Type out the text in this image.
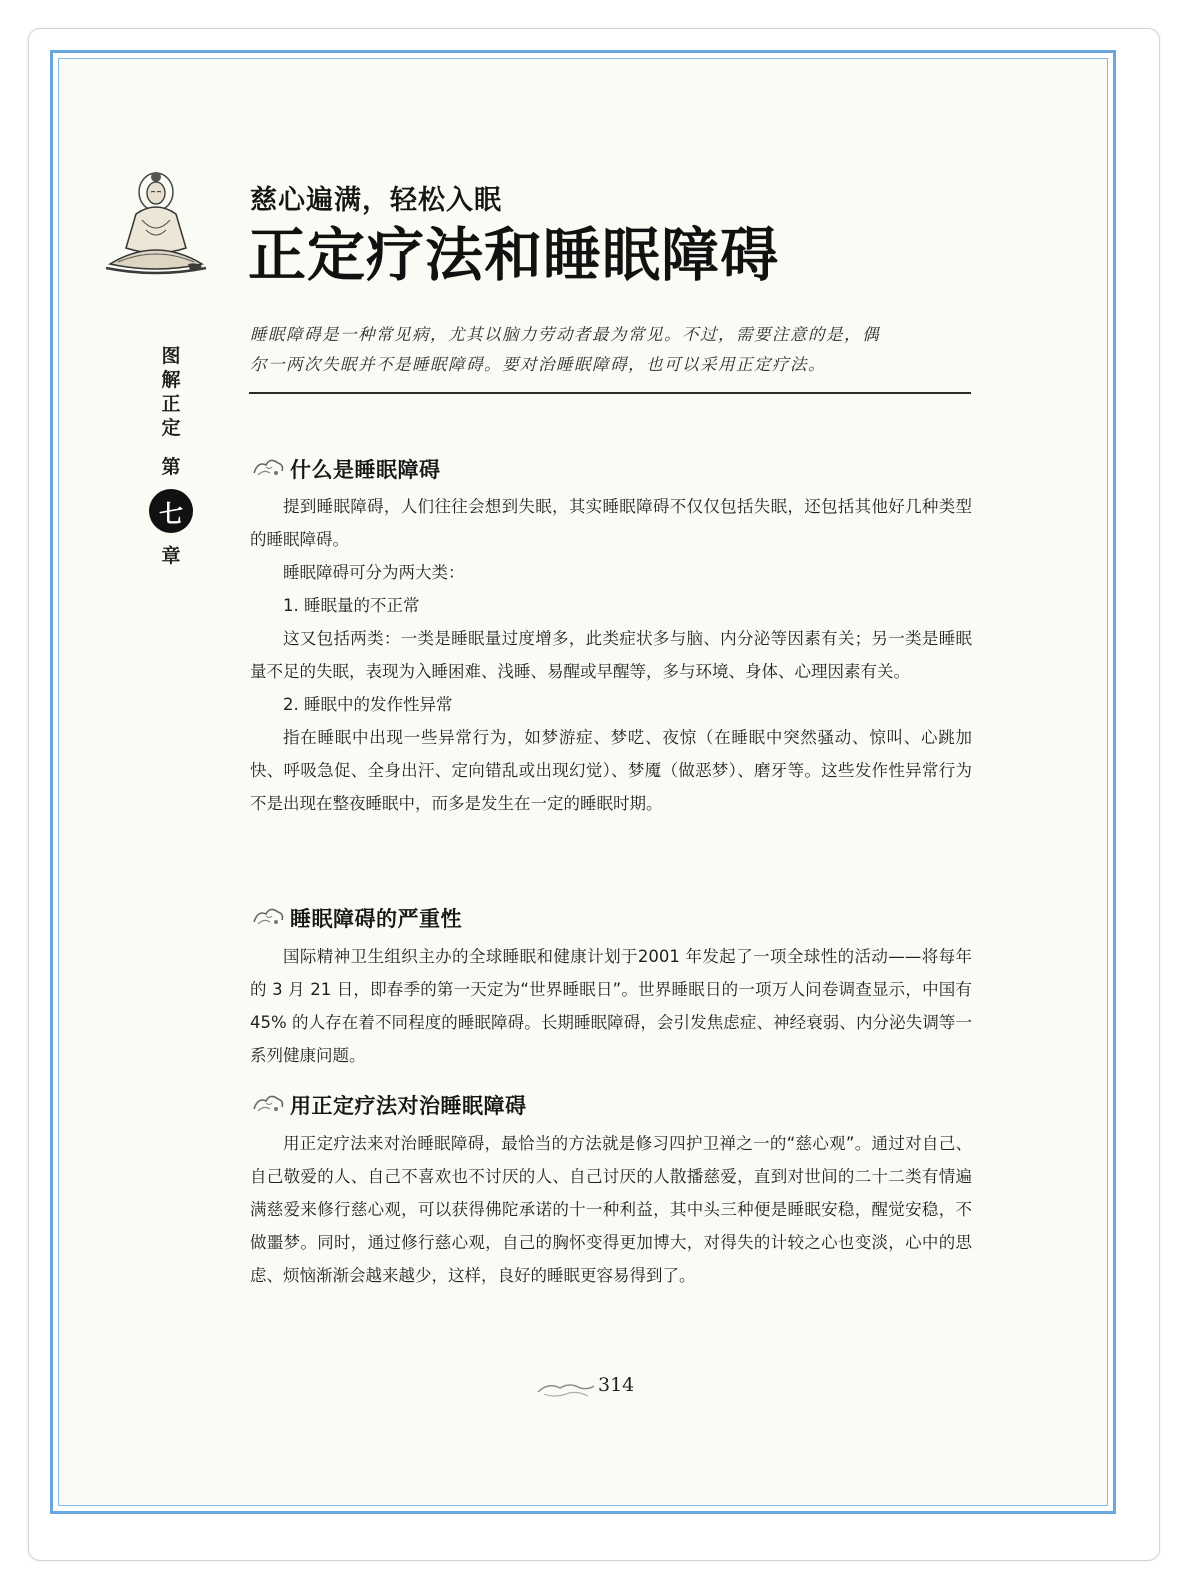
慈心遍满，轻松入眠
正定疗法和睡眠障碍
睡眠障碍是一种常见病，尤其以脑力劳动者最为常见。不过，需要注意的是，偶
尔一两次失眠并不是睡眠障碍。要对治睡眠障碍，也可以采用正定疗法。
图
解
正
定
第
七
章
什么是睡眠障碍

提到睡眠障碍，人们往往会想到失眠，其实睡眠障碍不仅仅包括失眠，还包括其他好几种类型的睡眠障碍。

睡眠障碍可分为两大类：

1. 睡眠量的不正常

这又包括两类：一类是睡眠量过度增多，此类症状多与脑、内分泌等因素有关；另一类是睡眠量不足的失眠，表现为入睡困难、浅睡、易醒或早醒等，多与环境、身体、心理因素有关。

2. 睡眠中的发作性异常

指在睡眠中出现一些异常行为，如梦游症、梦呓、夜惊（在睡眠中突然骚动、惊叫、心跳加快、呼吸急促、全身出汗、定向错乱或出现幻觉）、梦魇（做恶梦）、磨牙等。这些发作性异常行为不是出现在整夜睡眠中，而多是发生在一定的睡眠时期。

睡眠障碍的严重性

国际精神卫生组织主办的全球睡眠和健康计划于2001 年发起了一项全球性的活动——将每年的 3 月 21 日，即春季的第一天定为“世界睡眠日”。世界睡眠日的一项万人问卷调查显示，中国有 45% 的人存在着不同程度的睡眠障碍。长期睡眠障碍，会引发焦虑症、神经衰弱、内分泌失调等一系列健康问题。

用正定疗法对治睡眠障碍

用正定疗法来对治睡眠障碍，最恰当的方法就是修习四护卫禅之一的“慈心观”。通过对自己、自己敬爱的人、自己不喜欢也不讨厌的人、自己讨厌的人散播慈爱，直到对世间的二十二类有情遍满慈爱来修行慈心观，可以获得佛陀承诺的十一种利益，其中头三种便是睡眠安稳，醒觉安稳，不做噩梦。同时，通过修行慈心观，自己的胸怀变得更加博大，对得失的计较之心也变淡，心中的思虑、烦恼渐渐会越来越少，这样，良好的睡眠更容易得到了。

314
